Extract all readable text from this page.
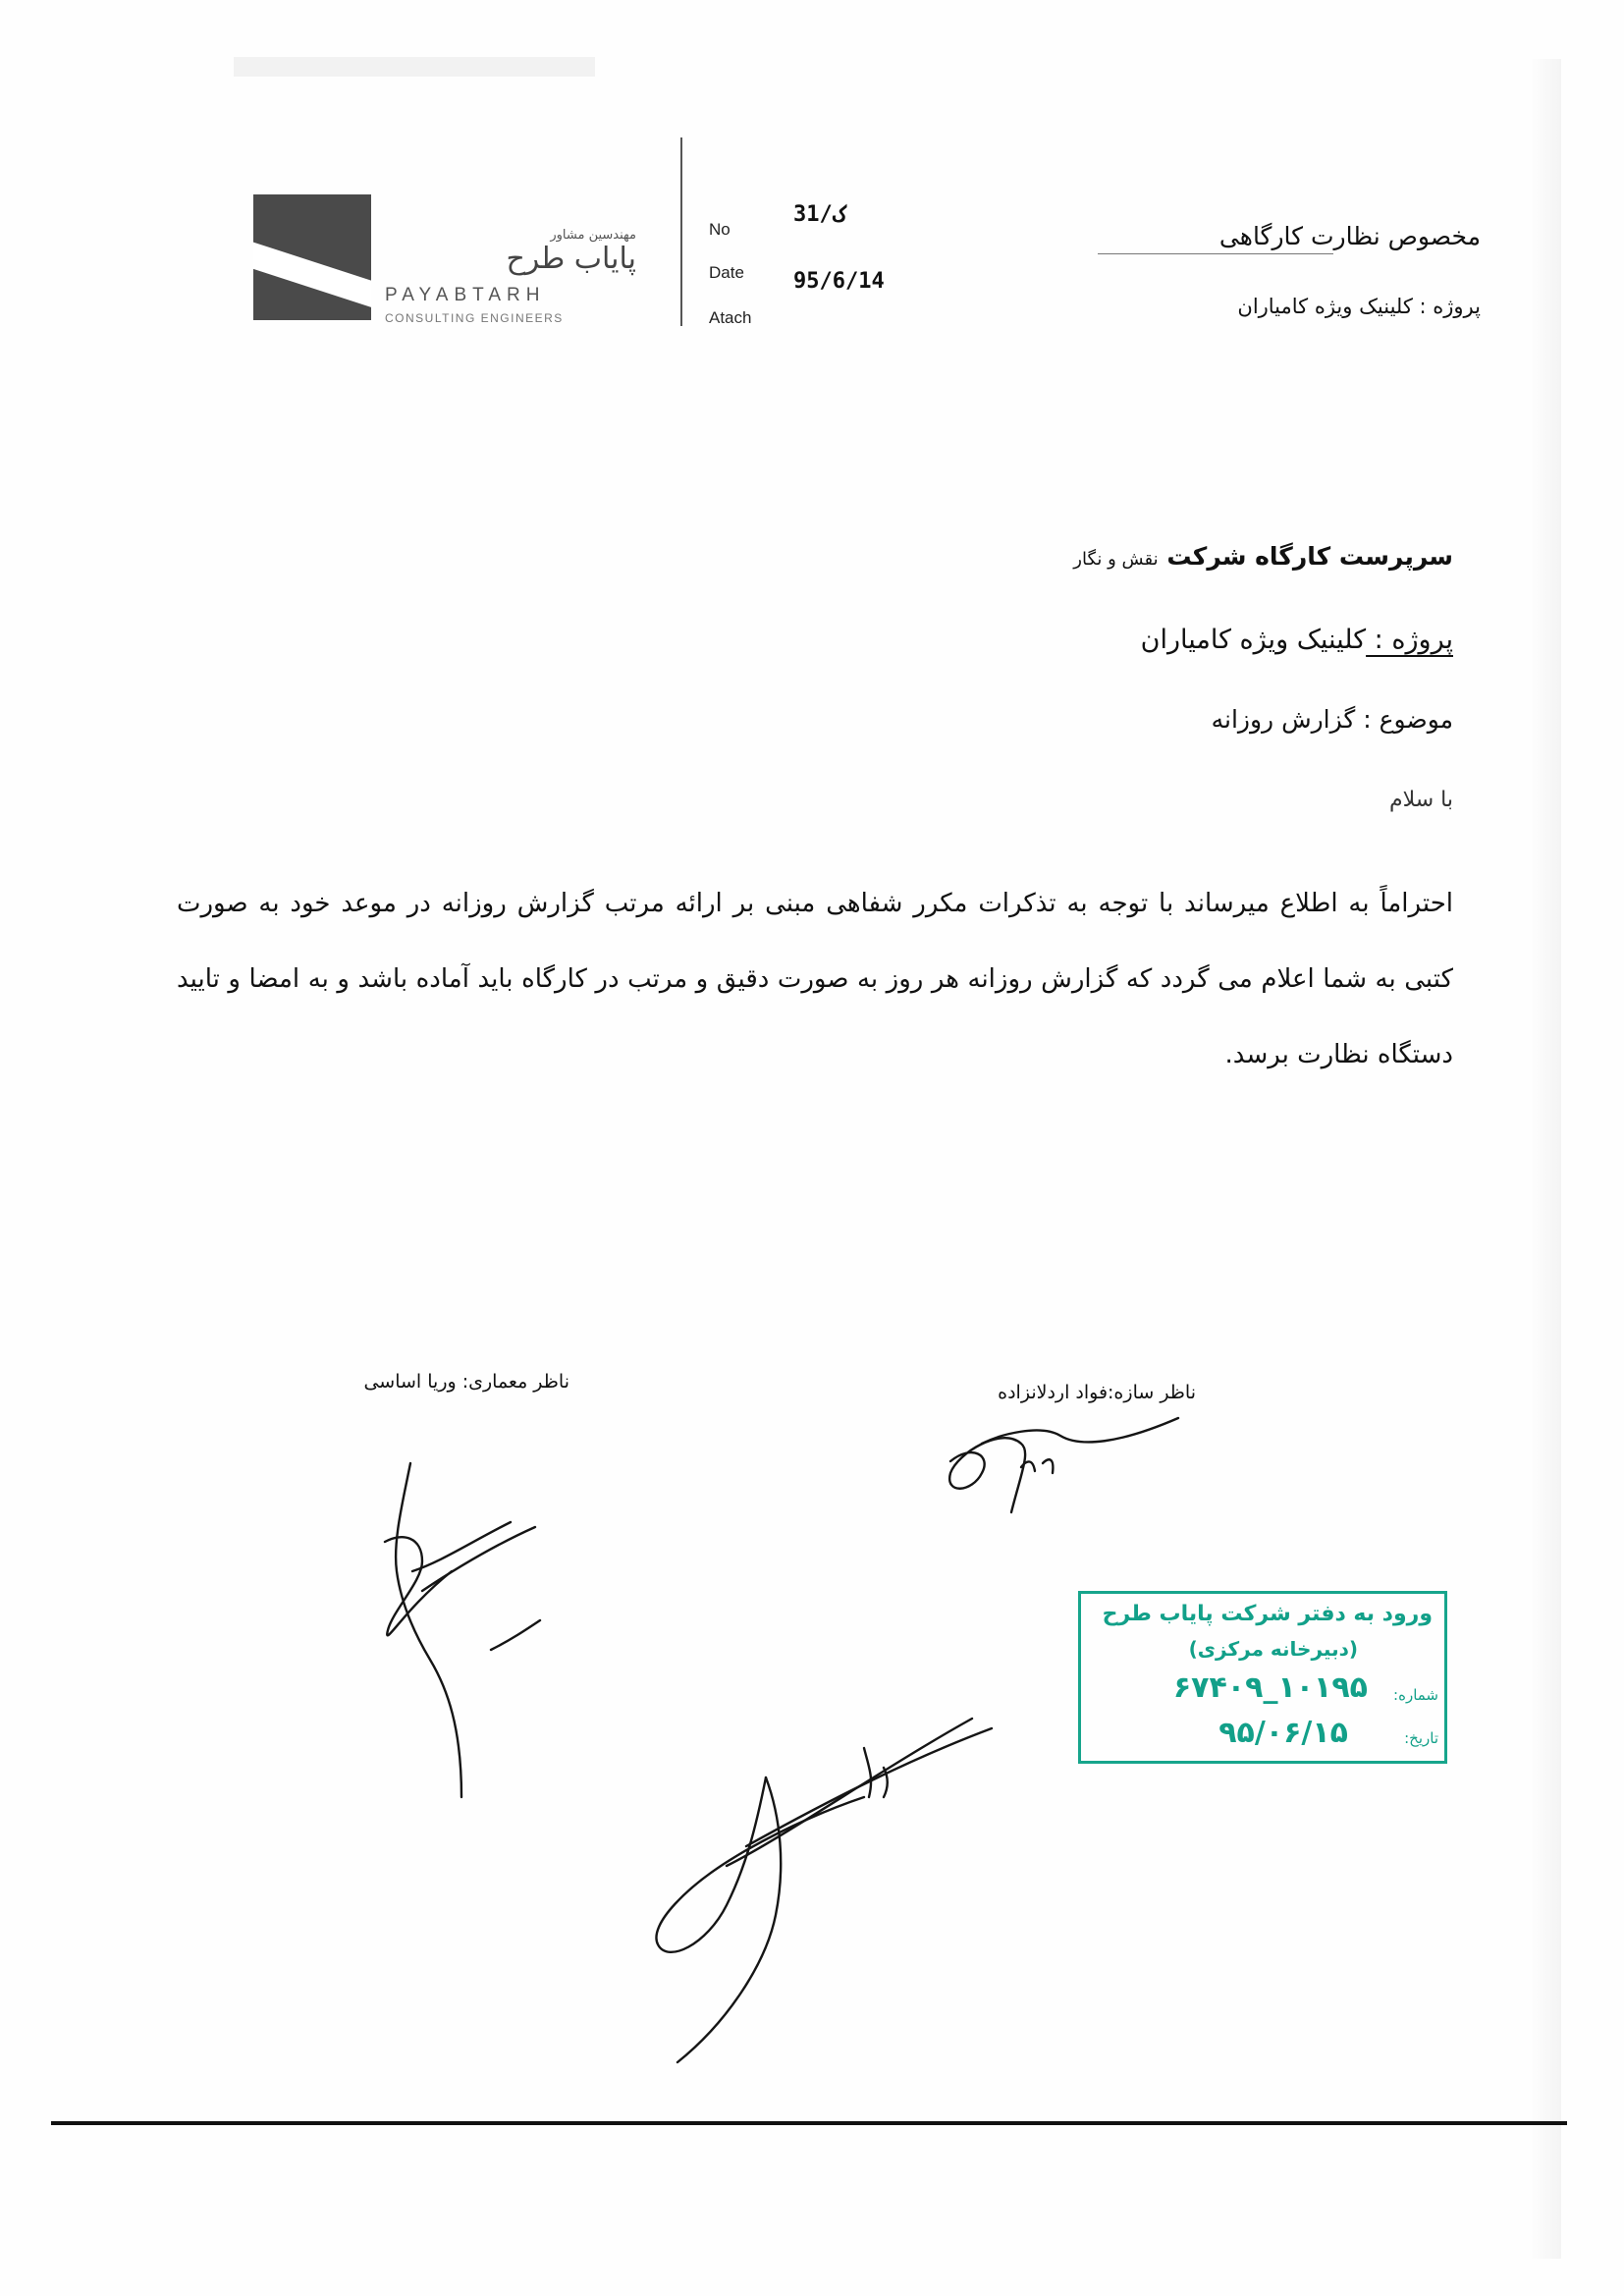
مهندسین مشاور
پایاب طرح
PAYABTARH
CONSULTING ENGINEERS
No
31/ک
Date 95/6/14
Atach
مخصوص نظارت کارگاهی
پروژه : کلینیک ویژه کامیاران
سرپرست کارگاه شرکت نقش و نگار
پروژه : کلینیک ویژه کامیاران
موضوع : گزارش روزانه
با سلام
احتراماً به اطلاع میرساند با توجه به تذکرات مکرر شفاهی مبنی بر ارائه مرتب گزارش روزانه در موعد خود به صورت کتبی به شما اعلام می گردد که گزارش روزانه هر روز به صورت دقیق و مرتب در کارگاه باید آماده باشد و به امضا و تایید دستگاه نظارت برسد.
ناظر سازه:فواد اردلانزاده
ناظر معماری: وریا اساسی
ورود به دفتر شرکت پایاب طرح
(دبیرخانه مرکزی)
شماره:
۱۰۱۹۵_۶۷۴۰۹
تاریخ:
۹۵/۰۶/۱۵
